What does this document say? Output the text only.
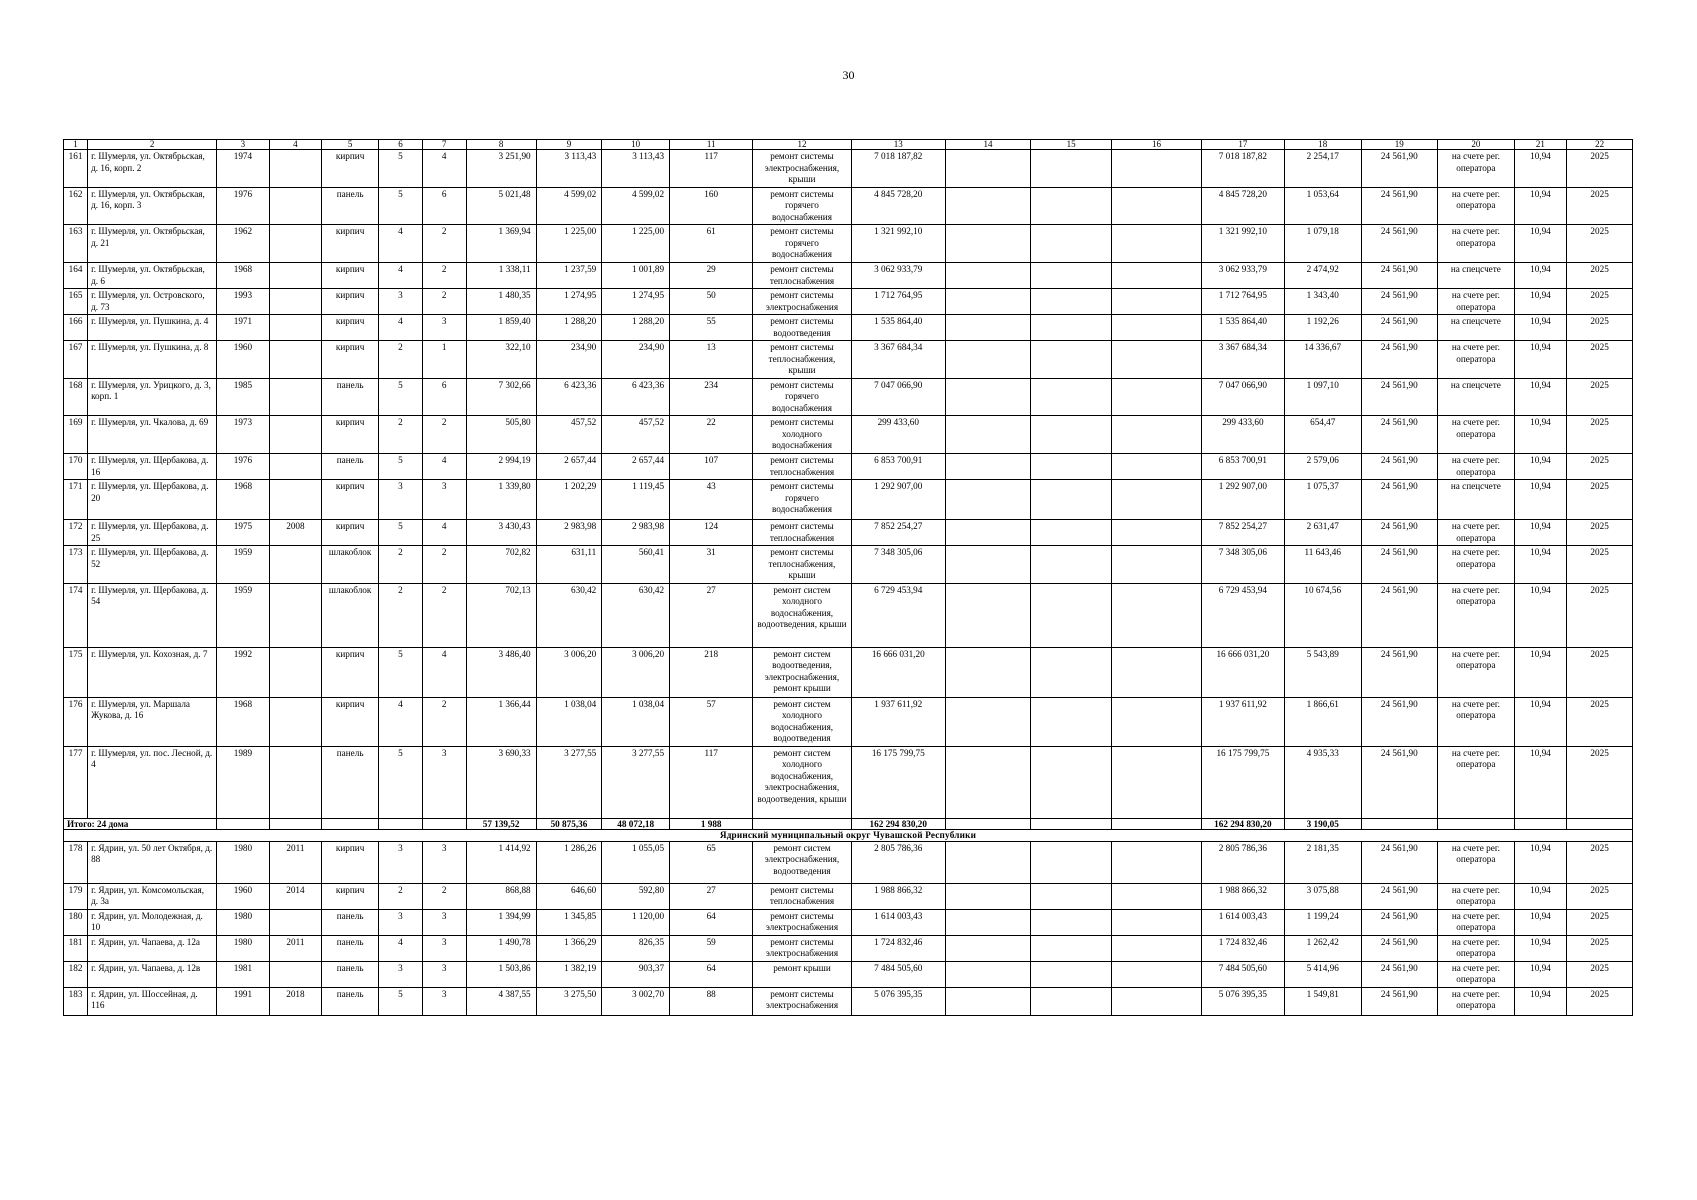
30
1	2	3	4	5	6	7	8	9	10	11	12	13	14	15	16	17	18	19	20	21	22
161	г. Шумерля, ул. Октябрьская, д. 16, корп. 2	1974		кирпич	5	4	3 251,90	3 113,43	3 113,43	117	ремонт системы электроснабжения, крыши	7 018 187,82				7 018 187,82	2 254,17	24 561,90	на счете рег. оператора	10,94	2025
162	г. Шумерля, ул. Октябрьская, д. 16, корп. 3	1976		панель	5	6	5 021,48	4 599,02	4 599,02	160	ремонт системы горячего водоснабжения	4 845 728,20				4 845 728,20	1 053,64	24 561,90	на счете рег. оператора	10,94	2025
163	г. Шумерля, ул. Октябрьская, д. 21	1962		кирпич	4	2	1 369,94	1 225,00	1 225,00	61	ремонт системы горячего водоснабжения	1 321 992,10				1 321 992,10	1 079,18	24 561,90	на счете рег. оператора	10,94	2025
164	г. Шумерля, ул. Октябрьская, д. 6	1968		кирпич	4	2	1 338,11	1 237,59	1 001,89	29	ремонт системы теплоснабжения	3 062 933,79				3 062 933,79	2 474,92	24 561,90	на спецсчете	10,94	2025
165	г. Шумерля, ул. Островского, д. 73	1993		кирпич	3	2	1 480,35	1 274,95	1 274,95	50	ремонт системы электроснабжения	1 712 764,95				1 712 764,95	1 343,40	24 561,90	на счете рег. оператора	10,94	2025
166	г. Шумерля, ул. Пушкина, д. 4	1971		кирпич	4	3	1 859,40	1 288,20	1 288,20	55	ремонт системы водоотведения	1 535 864,40				1 535 864,40	1 192,26	24 561,90	на спецсчете	10,94	2025
167	г. Шумерля, ул. Пушкина, д. 8	1960		кирпич	2	1	322,10	234,90	234,90	13	ремонт системы теплоснабжения, крыши	3 367 684,34				3 367 684,34	14 336,67	24 561,90	на счете рег. оператора	10,94	2025
168	г. Шумерля, ул. Урицкого, д. 3, корп. 1	1985		панель	5	6	7 302,66	6 423,36	6 423,36	234	ремонт системы горячего водоснабжения	7 047 066,90				7 047 066,90	1 097,10	24 561,90	на спецсчете	10,94	2025
169	г. Шумерля, ул. Чкалова, д. 69	1973		кирпич	2	2	505,80	457,52	457,52	22	ремонт системы холодного водоснабжения	299 433,60				299 433,60	654,47	24 561,90	на счете рег. оператора	10,94	2025
170	г. Шумерля, ул. Щербакова, д. 16	1976		панель	5	4	2 994,19	2 657,44	2 657,44	107	ремонт системы теплоснабжения	6 853 700,91				6 853 700,91	2 579,06	24 561,90	на счете рег. оператора	10,94	2025
171	г. Шумерля, ул. Щербакова, д. 20	1968		кирпич	3	3	1 339,80	1 202,29	1 119,45	43	ремонт системы горячего водоснабжения	1 292 907,00				1 292 907,00	1 075,37	24 561,90	на спецсчете	10,94	2025
172	г. Шумерля, ул. Щербакова, д. 25	1975	2008	кирпич	5	4	3 430,43	2 983,98	2 983,98	124	ремонт системы теплоснабжения	7 852 254,27				7 852 254,27	2 631,47	24 561,90	на счете рег. оператора	10,94	2025
173	г. Шумерля, ул. Щербакова, д. 52	1959		шлакоблок	2	2	702,82	631,11	560,41	31	ремонт системы теплоснабжения, крыши	7 348 305,06				7 348 305,06	11 643,46	24 561,90	на счете рег. оператора	10,94	2025
174	г. Шумерля, ул. Щербакова, д. 54	1959		шлакоблок	2	2	702,13	630,42	630,42	27	ремонт систем холодного водоснабжения, водоотведения, крыши	6 729 453,94				6 729 453,94	10 674,56	24 561,90	на счете рег. оператора	10,94	2025
175	г. Шумерля, ул. Кохозная, д. 7	1992		кирпич	5	4	3 486,40	3 006,20	3 006,20	218	ремонт систем водоотведения, электроснабжения, ремонт крыши	16 666 031,20				16 666 031,20	5 543,89	24 561,90	на счете рег. оператора	10,94	2025
176	г. Шумерля, ул. Маршала Жукова, д. 16	1968		кирпич	4	2	1 366,44	1 038,04	1 038,04	57	ремонт систем холодного водоснабжения, водоотведения	1 937 611,92				1 937 611,92	1 866,61	24 561,90	на счете рег. оператора	10,94	2025
177	г. Шумерля, ул. пос. Лесной, д. 4	1989		панель	5	3	3 690,33	3 277,55	3 277,55	117	ремонт систем холодного водоснабжения, электроснабжения, водоотведения, крыши	16 175 799,75				16 175 799,75	4 935,33	24 561,90	на счете рег. оператора	10,94	2025
Итого: 24 дома							57 139,52	50 875,36	48 072,18	1 988		162 294 830,20				162 294 830,20	3 190,05				
Ядринский муниципальный округ Чувашской Республики																					
178	г. Ядрин, ул. 50 лет Октября, д. 88	1980	2011	кирпич	3	3	1 414,92	1 286,26	1 055,05	65	ремонт систем электроснабжения, водоотведения	2 805 786,36				2 805 786,36	2 181,35	24 561,90	на счете рег. оператора	10,94	2025
179	г. Ядрин, ул. Комсомольская, д. 3а	1960	2014	кирпич	2	2	868,88	646,60	592,80	27	ремонт системы теплоснабжения	1 988 866,32				1 988 866,32	3 075,88	24 561,90	на счете рег. оператора	10,94	2025
180	г. Ядрин, ул. Молодежная, д. 10	1980		панель	3	3	1 394,99	1 345,85	1 120,00	64	ремонт системы электроснабжения	1 614 003,43				1 614 003,43	1 199,24	24 561,90	на счете рег. оператора	10,94	2025
181	г. Ядрин, ул. Чапаева, д. 12а	1980	2011	панель	4	3	1 490,78	1 366,29	826,35	59	ремонт системы электроснабжения	1 724 832,46				1 724 832,46	1 262,42	24 561,90	на счете рег. оператора	10,94	2025
182	г. Ядрин, ул. Чапаева, д. 12в	1981		панель	3	3	1 503,86	1 382,19	903,37	64	ремонт крыши	7 484 505,60				7 484 505,60	5 414,96	24 561,90	на счете рег. оператора	10,94	2025
183	г. Ядрин, ул. Шоссейная, д. 116	1991	2018	панель	5	3	4 387,55	3 275,50	3 002,70	88	ремонт системы электроснабжения	5 076 395,35				5 076 395,35	1 549,81	24 561,90	на счете рег. оператора	10,94	2025
